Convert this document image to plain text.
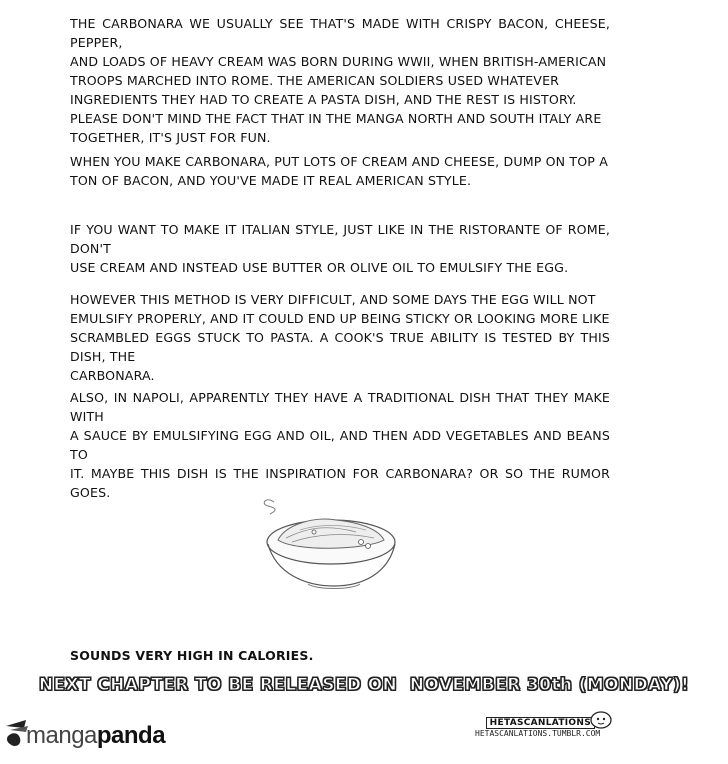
THE CARBONARA WE USUALLY SEE THAT'S MADE WITH CRISPY BACON, CHEESE, PEPPER,
AND LOADS OF HEAVY CREAM WAS BORN DURING WWII, WHEN BRITISH-AMERICAN
TROOPS MARCHED INTO ROME. THE AMERICAN SOLDIERS USED WHATEVER
INGREDIENTS THEY HAD TO CREATE A PASTA DISH, AND THE REST IS HISTORY.
PLEASE DON'T MIND THE FACT THAT IN THE MANGA NORTH AND SOUTH ITALY ARE
TOGETHER, IT'S JUST FOR FUN.

WHEN YOU MAKE CARBONARA, PUT LOTS OF CREAM AND CHEESE, DUMP ON TOP A
TON OF BACON, AND YOU'VE MADE IT REAL AMERICAN STYLE.

IF YOU WANT TO MAKE IT ITALIAN STYLE, JUST LIKE IN THE RISTORANTE OF ROME, DON'T
USE CREAM AND INSTEAD USE BUTTER OR OLIVE OIL TO EMULSIFY THE EGG.

HOWEVER THIS METHOD IS VERY DIFFICULT, AND SOME DAYS THE EGG WILL NOT
EMULSIFY PROPERLY, AND IT COULD END UP BEING STICKY OR LOOKING MORE LIKE
SCRAMBLED EGGS STUCK TO PASTA. A COOK'S TRUE ABILITY IS TESTED BY THIS DISH, THE
CARBONARA.

ALSO, IN NAPOLI, APPARENTLY THEY HAVE A TRADITIONAL DISH THAT THEY MAKE WITH
A SAUCE BY EMULSIFYING EGG AND OIL, AND THEN ADD VEGETABLES AND BEANS TO
IT. MAYBE THIS DISH IS THE INSPIRATION FOR CARBONARA? OR SO THE RUMOR GOES.

SOUNDS VERY HIGH IN CALORIES.

NEXT CHAPTER TO BE RELEASED ON  NOVEMBER 30th (MONDAY)!

mangapanda	HETASCANLATIONS
HETASCANLATIONS.TUMBLR.COM
